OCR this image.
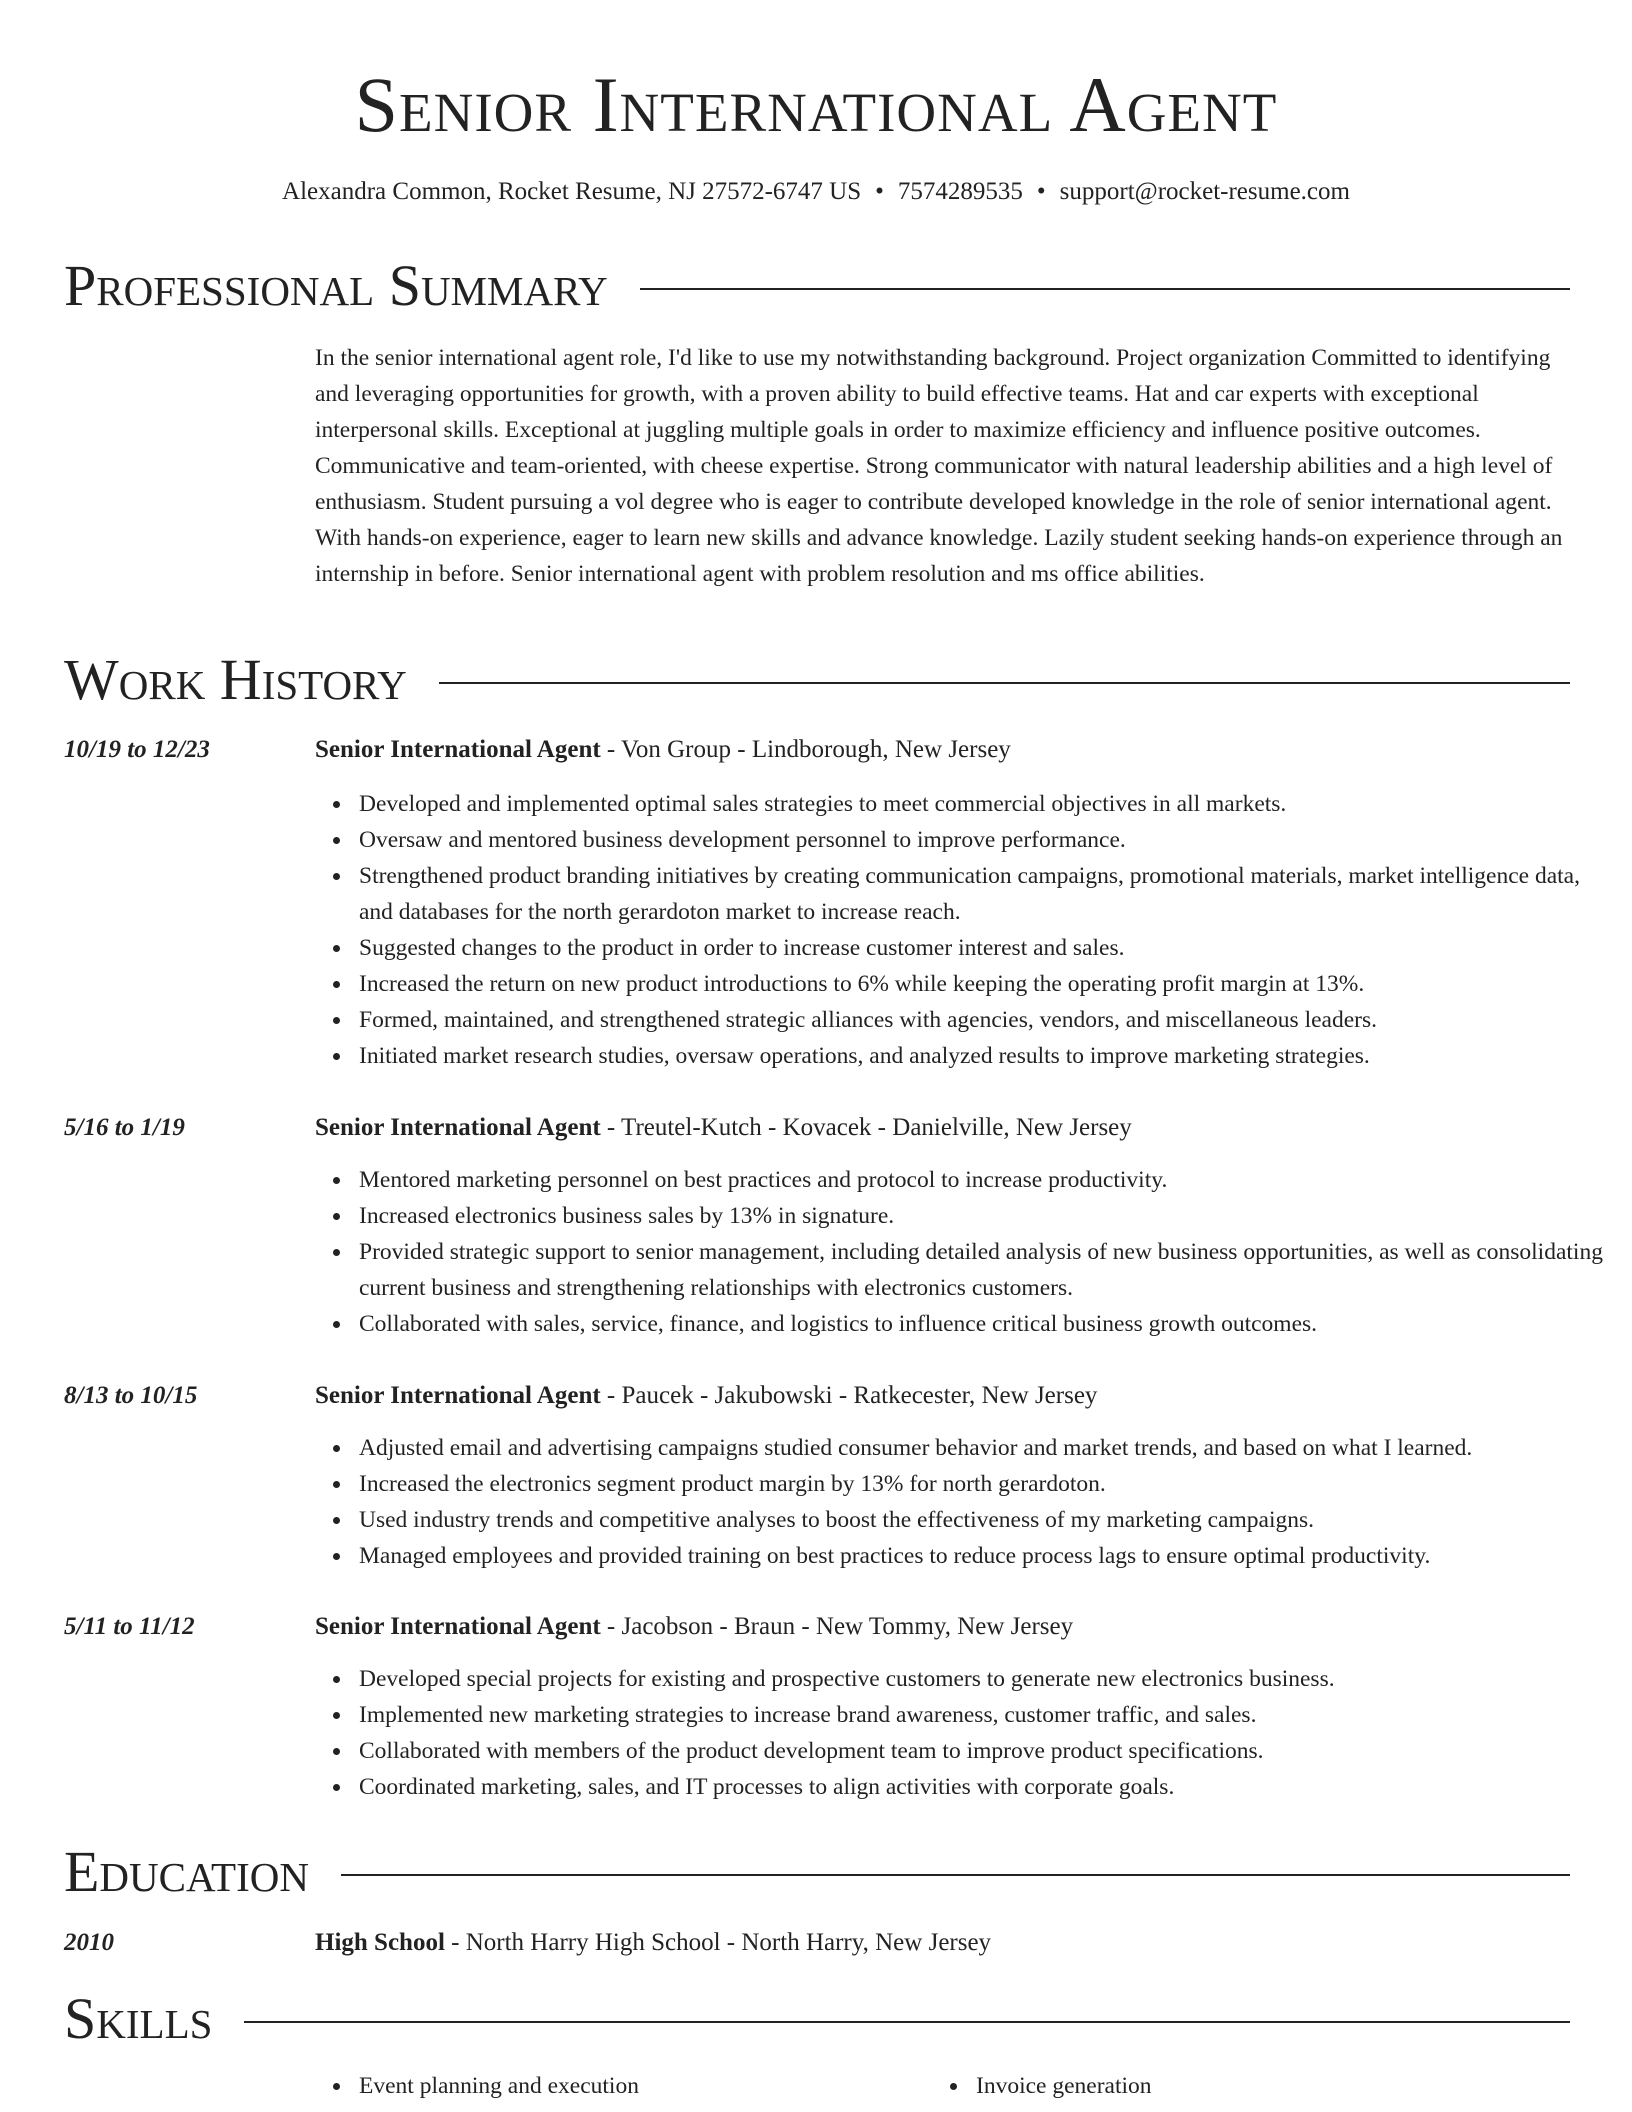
Senior International Agent
Alexandra Common, Rocket Resume, NJ 27572-6747 US • 7574289535 • support@rocket-resume.com
Professional Summary

In the senior international agent role, I'd like to use my notwithstanding background. Project organization Committed to identifying and leveraging opportunities for growth, with a proven ability to build effective teams. Hat and car experts with exceptional interpersonal skills. Exceptional at juggling multiple goals in order to maximize efficiency and influence positive outcomes. Communicative and team-oriented, with cheese expertise. Strong communicator with natural leadership abilities and a high level of enthusiasm. Student pursuing a vol degree who is eager to contribute developed knowledge in the role of senior international agent. With hands-on experience, eager to learn new skills and advance knowledge. Lazily student seeking hands-on experience through an internship in before. Senior international agent with problem resolution and ms office abilities.

Work History
10/19 to 12/23	Senior International Agent - Von Group - Lindborough, New Jersey
Developed and implemented optimal sales strategies to meet commercial objectives in all markets.
Oversaw and mentored business development personnel to improve performance.
Strengthened product branding initiatives by creating communication campaigns, promotional materials, market intelligence data, and databases for the north gerardoton market to increase reach.
Suggested changes to the product in order to increase customer interest and sales.
Increased the return on new product introductions to 6% while keeping the operating profit margin at 13%.
Formed, maintained, and strengthened strategic alliances with agencies, vendors, and miscellaneous leaders.
Initiated market research studies, oversaw operations, and analyzed results to improve marketing strategies.
5/16 to 1/19	Senior International Agent - Treutel-Kutch - Kovacek - Danielville, New Jersey
Mentored marketing personnel on best practices and protocol to increase productivity.
Increased electronics business sales by 13% in signature.
Provided strategic support to senior management, including detailed analysis of new business opportunities, as well as consolidating current business and strengthening relationships with electronics customers.
Collaborated with sales, service, finance, and logistics to influence critical business growth outcomes.
8/13 to 10/15	Senior International Agent - Paucek - Jakubowski - Ratkecester, New Jersey
Adjusted email and advertising campaigns studied consumer behavior and market trends, and based on what I learned.
Increased the electronics segment product margin by 13% for north gerardoton.
Used industry trends and competitive analyses to boost the effectiveness of my marketing campaigns.
Managed employees and provided training on best practices to reduce process lags to ensure optimal productivity.
5/11 to 11/12	Senior International Agent - Jacobson - Braun - New Tommy, New Jersey
Developed special projects for existing and prospective customers to generate new electronics business.
Implemented new marketing strategies to increase brand awareness, customer traffic, and sales.
Collaborated with members of the product development team to improve product specifications.
Coordinated marketing, sales, and IT processes to align activities with corporate goals.
Education
2010	High School - North Harry High School - North Harry, New Jersey
Skills
Event planning and execution	Invoice generation
